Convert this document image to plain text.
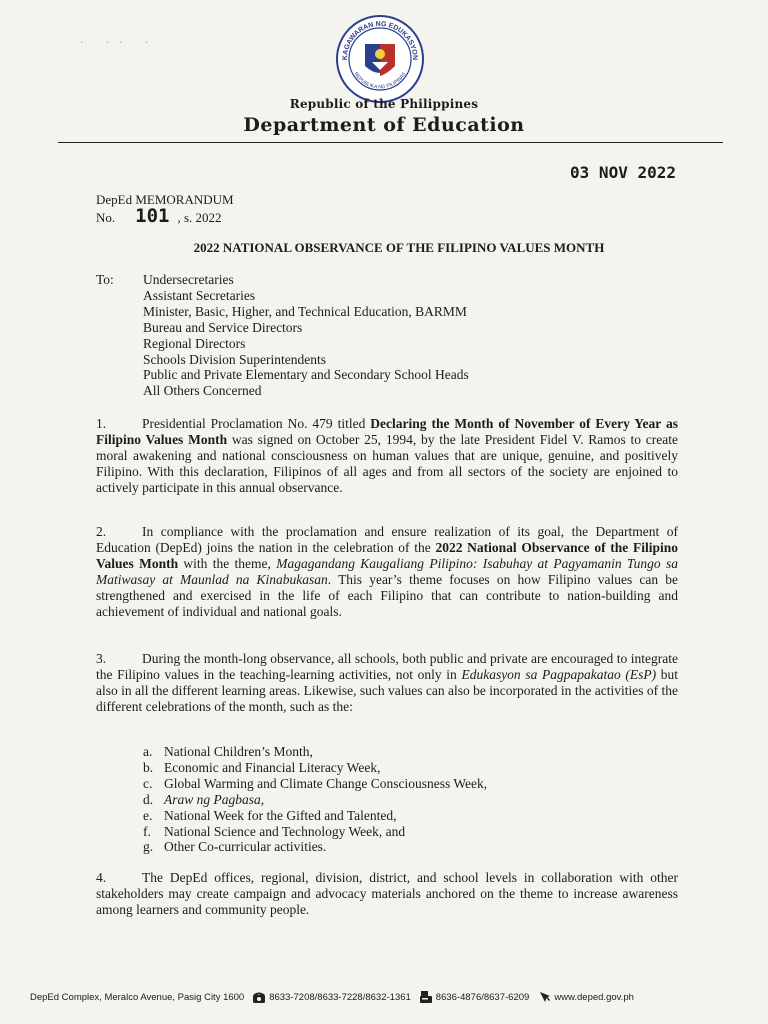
· ·· ·
KAGAWARAN NG EDUKASYON
REPUBLIKA NG PILIPINAS
Republic of the Philippines
Department of Education
03 NOV 2022
DepEd MEMORANDUM
No. 101 , s. 2022
2022 NATIONAL OBSERVANCE OF THE FILIPINO VALUES MONTH
To: Undersecretaries
Assistant Secretaries
Minister, Basic, Higher, and Technical Education, BARMM
Bureau and Service Directors
Regional Directors
Schools Division Superintendents
Public and Private Elementary and Secondary School Heads
All Others Concerned

1.	Presidential Proclamation No. 479 titled Declaring the Month of November of Every Year as Filipino Values Month was signed on October 25, 1994, by the late President Fidel V. Ramos to create moral awakening and national consciousness on human values that are unique, genuine, and positively Filipino. With this declaration, Filipinos of all ages and from all sectors of the society are enjoined to actively participate in this annual observance.

2.	In compliance with the proclamation and ensure realization of its goal, the Department of Education (DepEd) joins the nation in the celebration of the 2022 National Observance of the Filipino Values Month with the theme, Magagandang Kaugaliang Pilipino: Isabuhay at Pagyamanin Tungo sa Matiwasay at Maunlad na Kinabukasan. This year’s theme focuses on how Filipino values can be strengthened and exercised in the life of each Filipino that can contribute to nation-building and achievement of individual and national goals.

3.	During the month-long observance, all schools, both public and private are encouraged to integrate the Filipino values in the teaching-learning activities, not only in Edukasyon sa Pagpapakatao (EsP) but also in all the different learning areas. Likewise, such values can also be incorporated in the activities of the different celebrations of the month, such as the:

a. National Children’s Month,
b. Economic and Financial Literacy Week,
c. Global Warming and Climate Change Consciousness Week,
d. Araw ng Pagbasa,
e. National Week for the Gifted and Talented,
f. National Science and Technology Week, and
g. Other Co-curricular activities.

4.	The DepEd offices, regional, division, district, and school levels in collaboration with other stakeholders may create campaign and advocacy materials anchored on the theme to increase awareness among learners and community people.

DepEd Complex, Meralco Avenue, Pasig City 1600	8633-7208/8633-7228/8632-1361	8636-4876/8637-6209	www.deped.gov.ph
